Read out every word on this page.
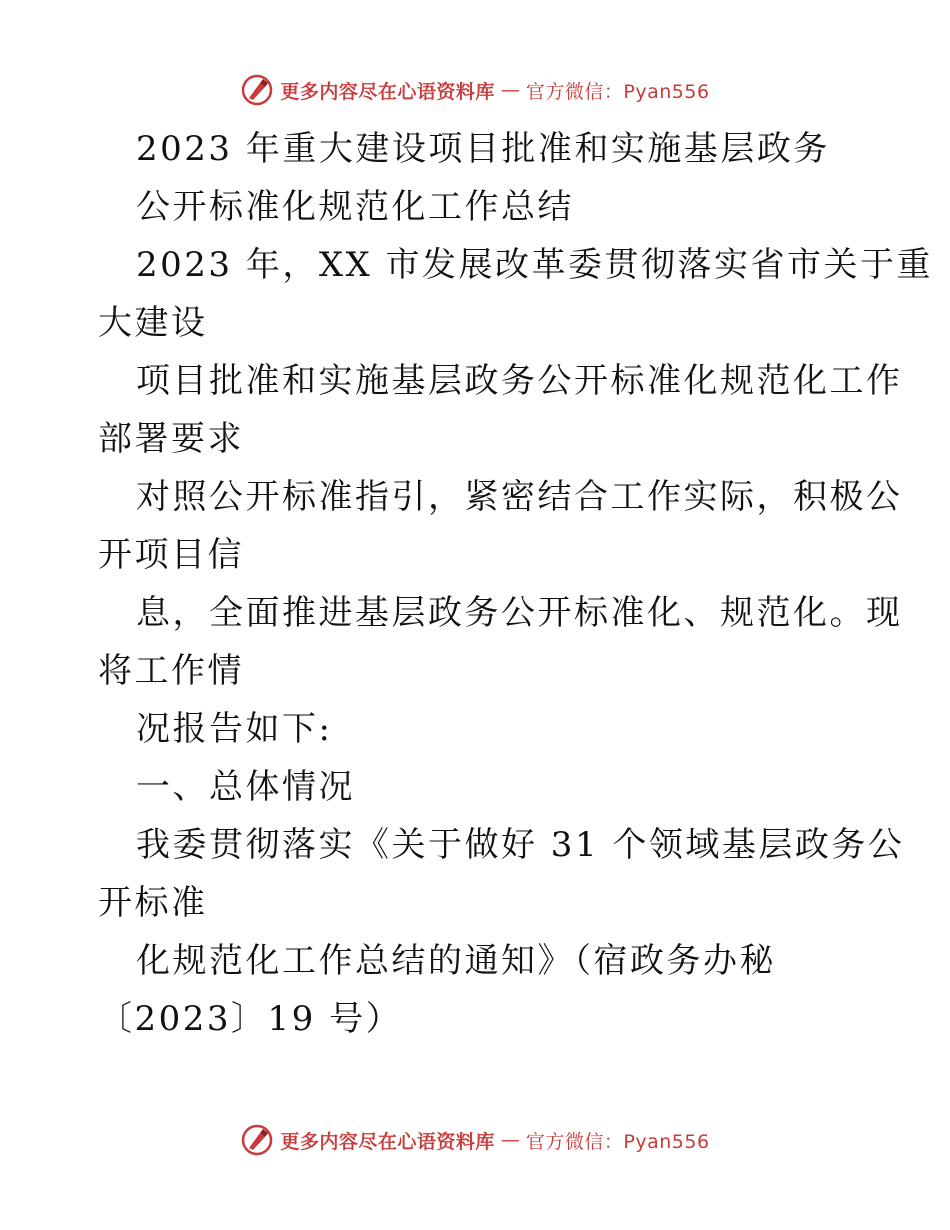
更多内容尽在心语资料库 — 官方微信：Pyan556
2023 年重大建设项目批准和实施基层政务
公开标准化规范化工作总结
2023 年，XX 市发展改革委贯彻落实省市关于重
大建设
项目批准和实施基层政务公开标准化规范化工作
部署要求
对照公开标准指引，紧密结合工作实际，积极公
开项目信
息，全面推进基层政务公开标准化、规范化。现
将工作情
况报告如下:
一、总体情况
我委贯彻落实《关于做好 31 个领域基层政务公
开标准
化规范化工作总结的通知》（宿政务办秘
〔2023〕19 号）
更多内容尽在心语资料库 — 官方微信：Pyan556
